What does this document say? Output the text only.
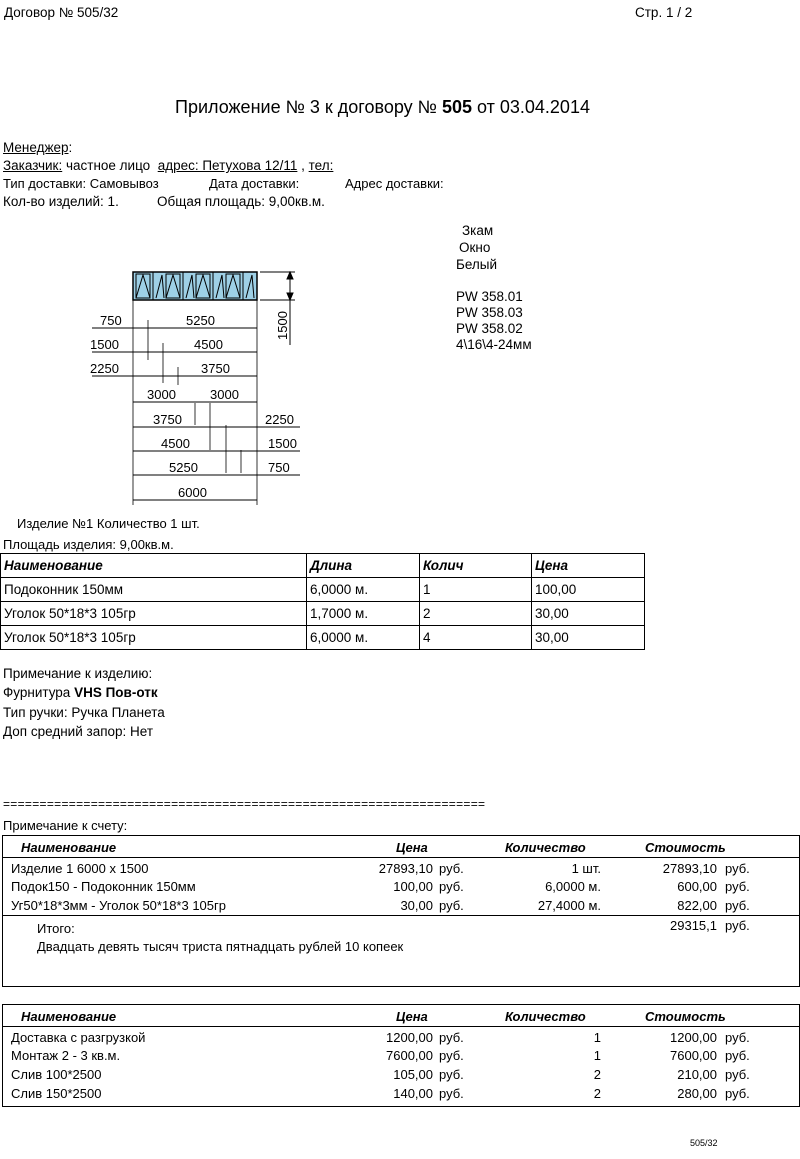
Договор № 505/32	Стр. 1 / 2
Приложение № 3 к договору № 505 от 03.04.2014
Менеджер:
Заказчик: частное лицо адрес: Петухова 12/11 , тел:
Тип доставки: Самовывоз	Дата доставки:	Адрес доставки:
Кол-во изделий: 1.	Общая площадь: 9,00кв.м.
Зкам
Окно
Белый
PW 358.01
PW 358.03
PW 358.02
4\16\4-24мм
1500
750	5250
1500	4500
2250	3750
3000	3000
3750	2250
4500	1500
5250	750
6000
Изделие №1 Количество 1 шт.
Площадь изделия: 9,00кв.м.
Наименование	Длина	Колич	Цена
Подоконник 150мм	6,0000 м.	1	100,00
Уголок 50*18*3 105гр	1,7000 м.	2	30,00
Уголок 50*18*3 105гр	6,0000 м.	4	30,00
Примечание к изделию:
Фурнитура VHS Пов-отк
Тип ручки: Ручка Планета
Доп средний запор: Нет
==================================================================
Примечание к счету:
Наименование	Цена	Количество	Стоимость
Изделие 1 6000 x 1500	27893,10 руб.	1 шт.	27893,10 руб.
Подок150 - Подоконник 150мм	100,00 руб.	6,0000 м.	600,00 руб.
Уг50*18*3мм - Уголок 50*18*3 105гр	30,00 руб.	27,4000 м.	822,00 руб.
Итого:	29315,1 руб.
Двадцать девять тысяч триста пятнадцать рублей 10 копеек
Наименование	Цена	Количество	Стоимость
Доставка с разгрузкой	1200,00 руб.	1	1200,00 руб.
Монтаж 2 - 3 кв.м.	7600,00 руб.	1	7600,00 руб.
Слив 100*2500	105,00 руб.	2	210,00 руб.
Слив 150*2500	140,00 руб.	2	280,00 руб.
505/32
